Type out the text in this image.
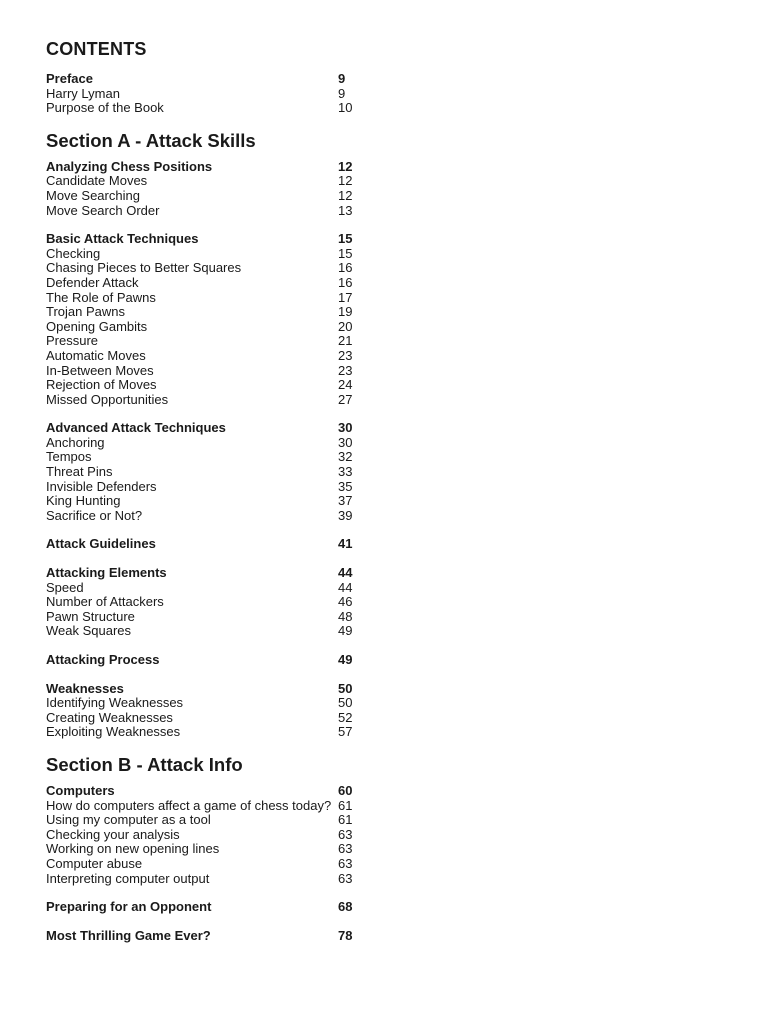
CONTENTS
Preface	9
Harry Lyman	9
Purpose of the Book	10
Section A - Attack Skills
Analyzing Chess Positions	12
Candidate Moves	12
Move Searching	12
Move Search Order	13
Basic Attack Techniques	15
Checking	15
Chasing Pieces to Better Squares	16
Defender Attack	16
The Role of Pawns	17
Trojan Pawns	19
Opening Gambits	20
Pressure	21
Automatic Moves	23
In-Between Moves	23
Rejection of Moves	24
Missed Opportunities	27
Advanced Attack Techniques	30
Anchoring	30
Tempos	32
Threat Pins	33
Invisible Defenders	35
King Hunting	37
Sacrifice or Not?	39
Attack Guidelines	41
Attacking Elements	44
Speed	44
Number of Attackers	46
Pawn Structure	48
Weak Squares	49
Attacking Process	49
Weaknesses	50
Identifying Weaknesses	50
Creating Weaknesses	52
Exploiting Weaknesses	57
Section B - Attack Info
Computers	60
How do computers affect a game of chess today? 61
Using my computer as a tool	61
Checking your analysis	63
Working on new opening lines	63
Computer abuse	63
Interpreting computer output	63
Preparing for an Opponent	68
Most Thrilling Game Ever?	78
